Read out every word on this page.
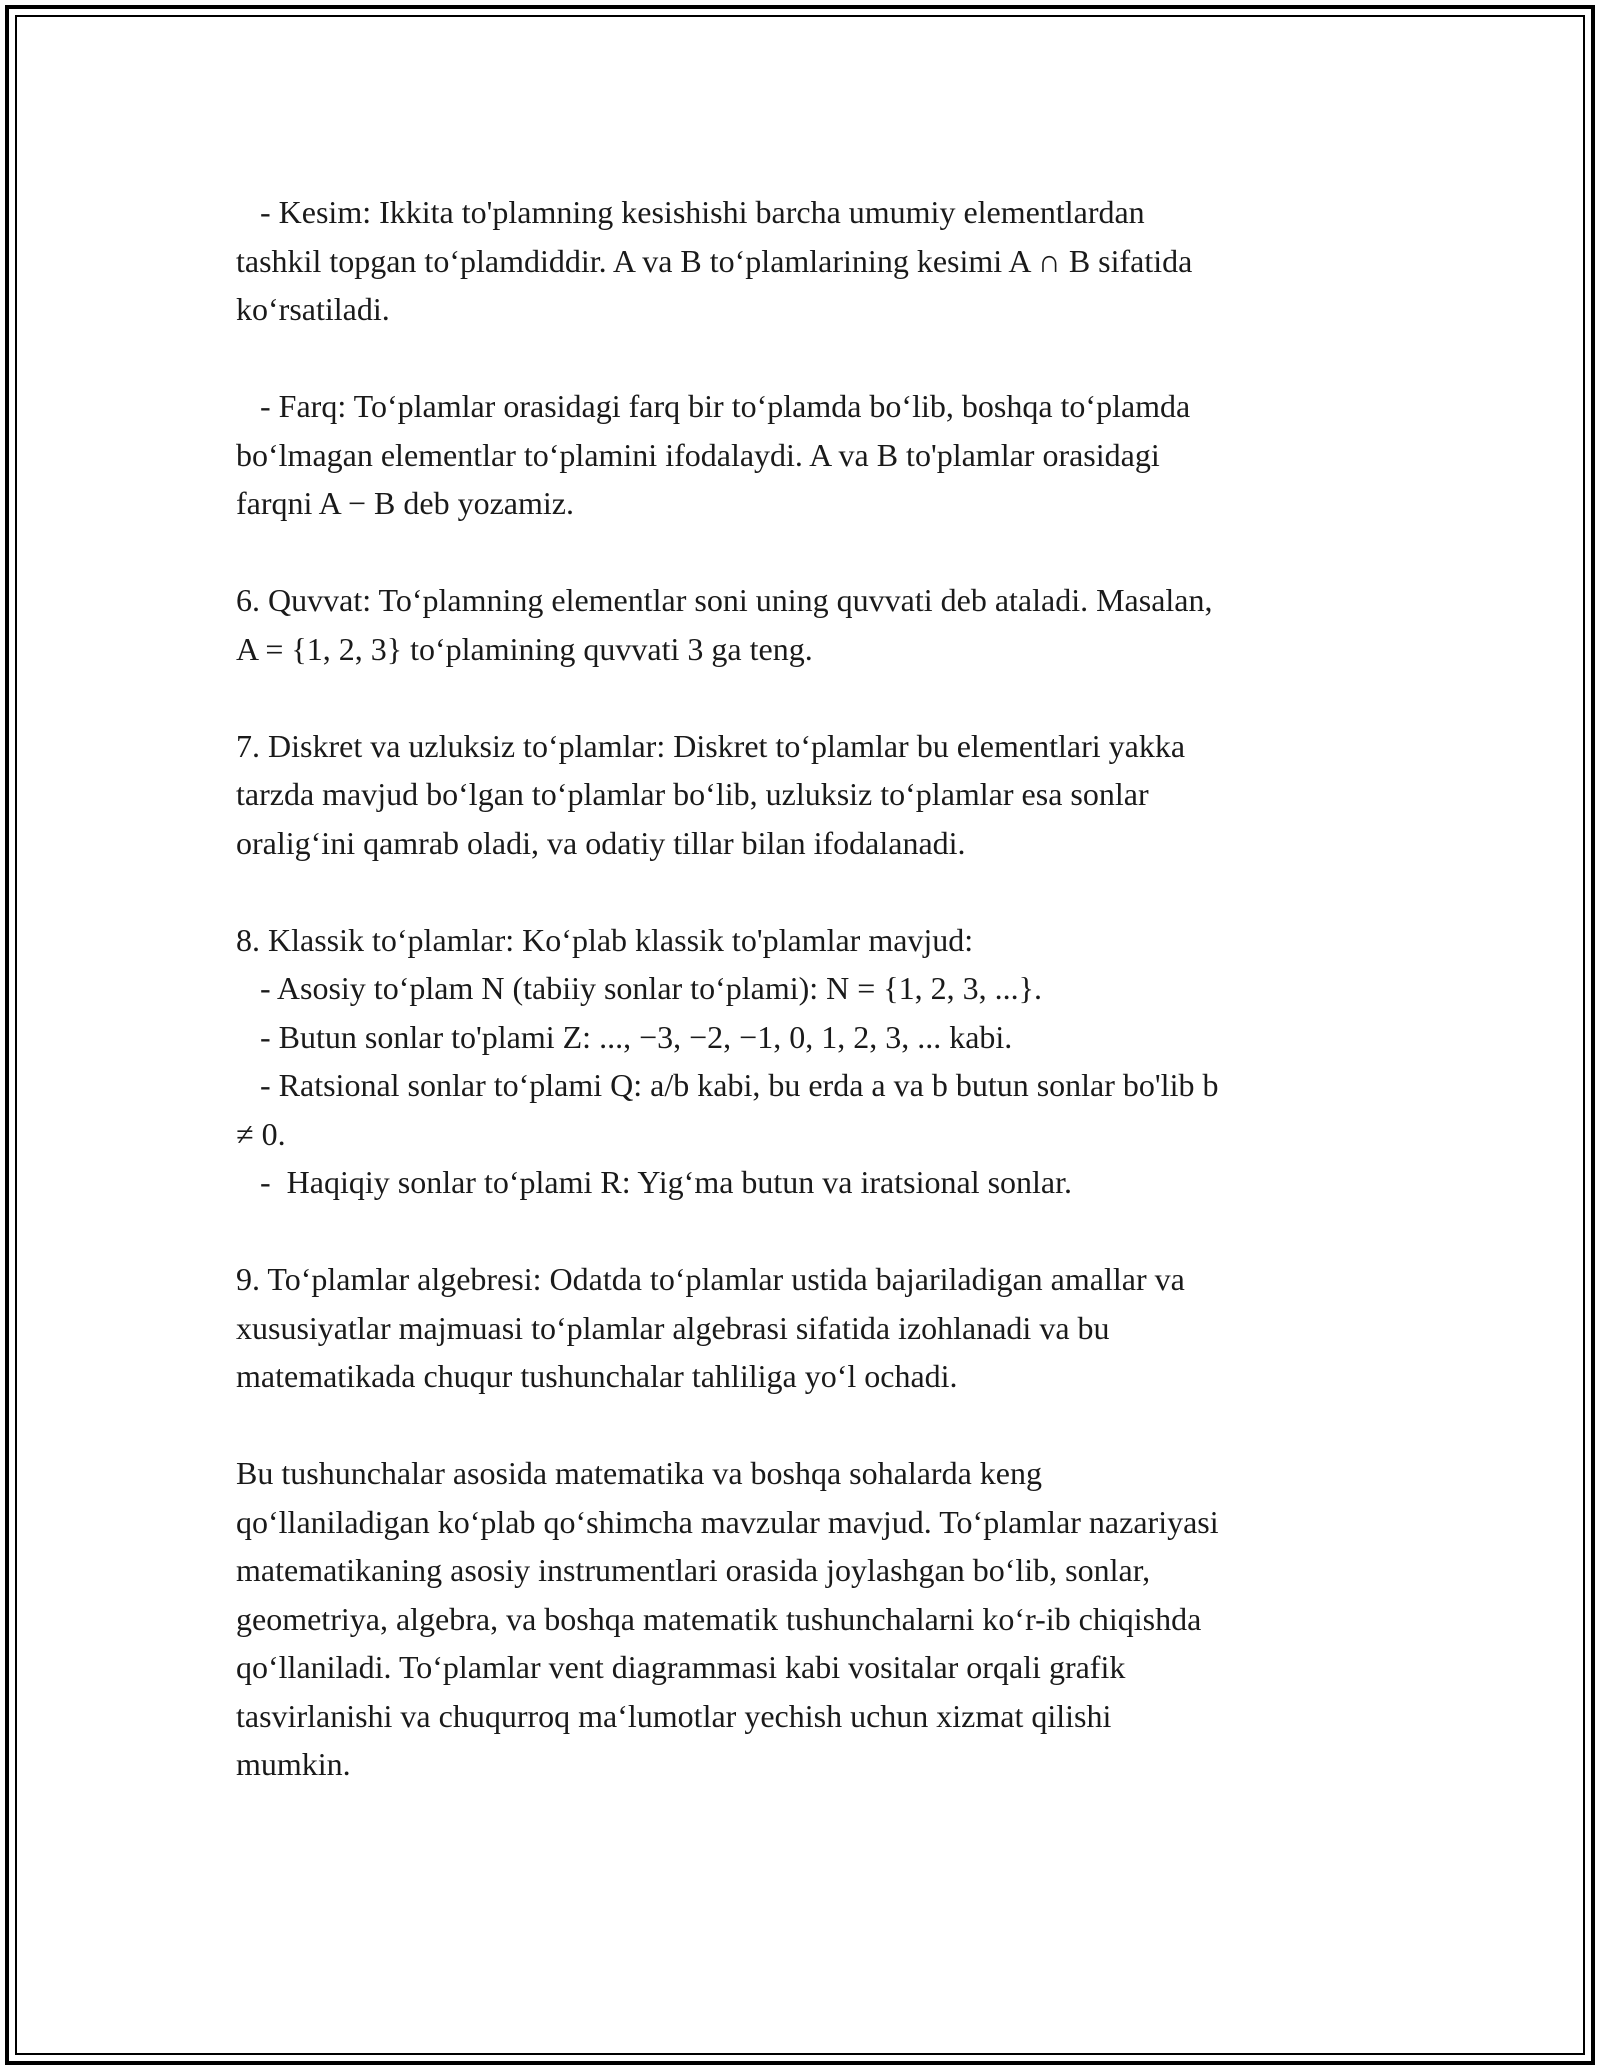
- Kesim: Ikkita to'plamning kesishishi barcha umumiy elementlardan
tashkil topgan to‘plamdiddir. A va B to‘plamlarining kesimi A ∩ B sifatida
ko‘rsatiladi.

- Farq: To‘plamlar orasidagi farq bir to‘plamda bo‘lib, boshqa to‘plamda
bo‘lmagan elementlar to‘plamini ifodalaydi. A va B to'plamlar orasidagi
farqni A − B deb yozamiz.

6. Quvvat: To‘plamning elementlar soni uning quvvati deb ataladi. Masalan,
A = {1, 2, 3} to‘plamining quvvati 3 ga teng.

7. Diskret va uzluksiz to‘plamlar: Diskret to‘plamlar bu elementlari yakka
tarzda mavjud bo‘lgan to‘plamlar bo‘lib, uzluksiz to‘plamlar esa sonlar
oralig‘ini qamrab oladi, va odatiy tillar bilan ifodalanadi.

8. Klassik to‘plamlar: Ko‘plab klassik to'plamlar mavjud:
- Asosiy to‘plam N (tabiiy sonlar to‘plami): N = {1, 2, 3, ...}.
- Butun sonlar to'plami Z: ..., −3, −2, −1, 0, 1, 2, 3, ... kabi.
- Ratsional sonlar to‘plami Q: a/b kabi, bu erda a va b butun sonlar bo'lib b
≠ 0.
-  Haqiqiy sonlar to‘plami R: Yig‘ma butun va iratsional sonlar.

9. To‘plamlar algebresi: Odatda to‘plamlar ustida bajariladigan amallar va
xususiyatlar majmuasi to‘plamlar algebrasi sifatida izohlanadi va bu
matematikada chuqur tushunchalar tahliliga yo‘l ochadi.

Bu tushunchalar asosida matematika va boshqa sohalarda keng
qo‘llaniladigan ko‘plab qo‘shimcha mavzular mavjud. To‘plamlar nazariyasi
matematikaning asosiy instrumentlari orasida joylashgan bo‘lib, sonlar,
geometriya, algebra, va boshqa matematik tushunchalarni ko‘r-ib chiqishda
qo‘llaniladi. To‘plamlar vent diagrammasi kabi vositalar orqali grafik
tasvirlanishi va chuqurroq ma‘lumotlar yechish uchun xizmat qilishi
mumkin.
